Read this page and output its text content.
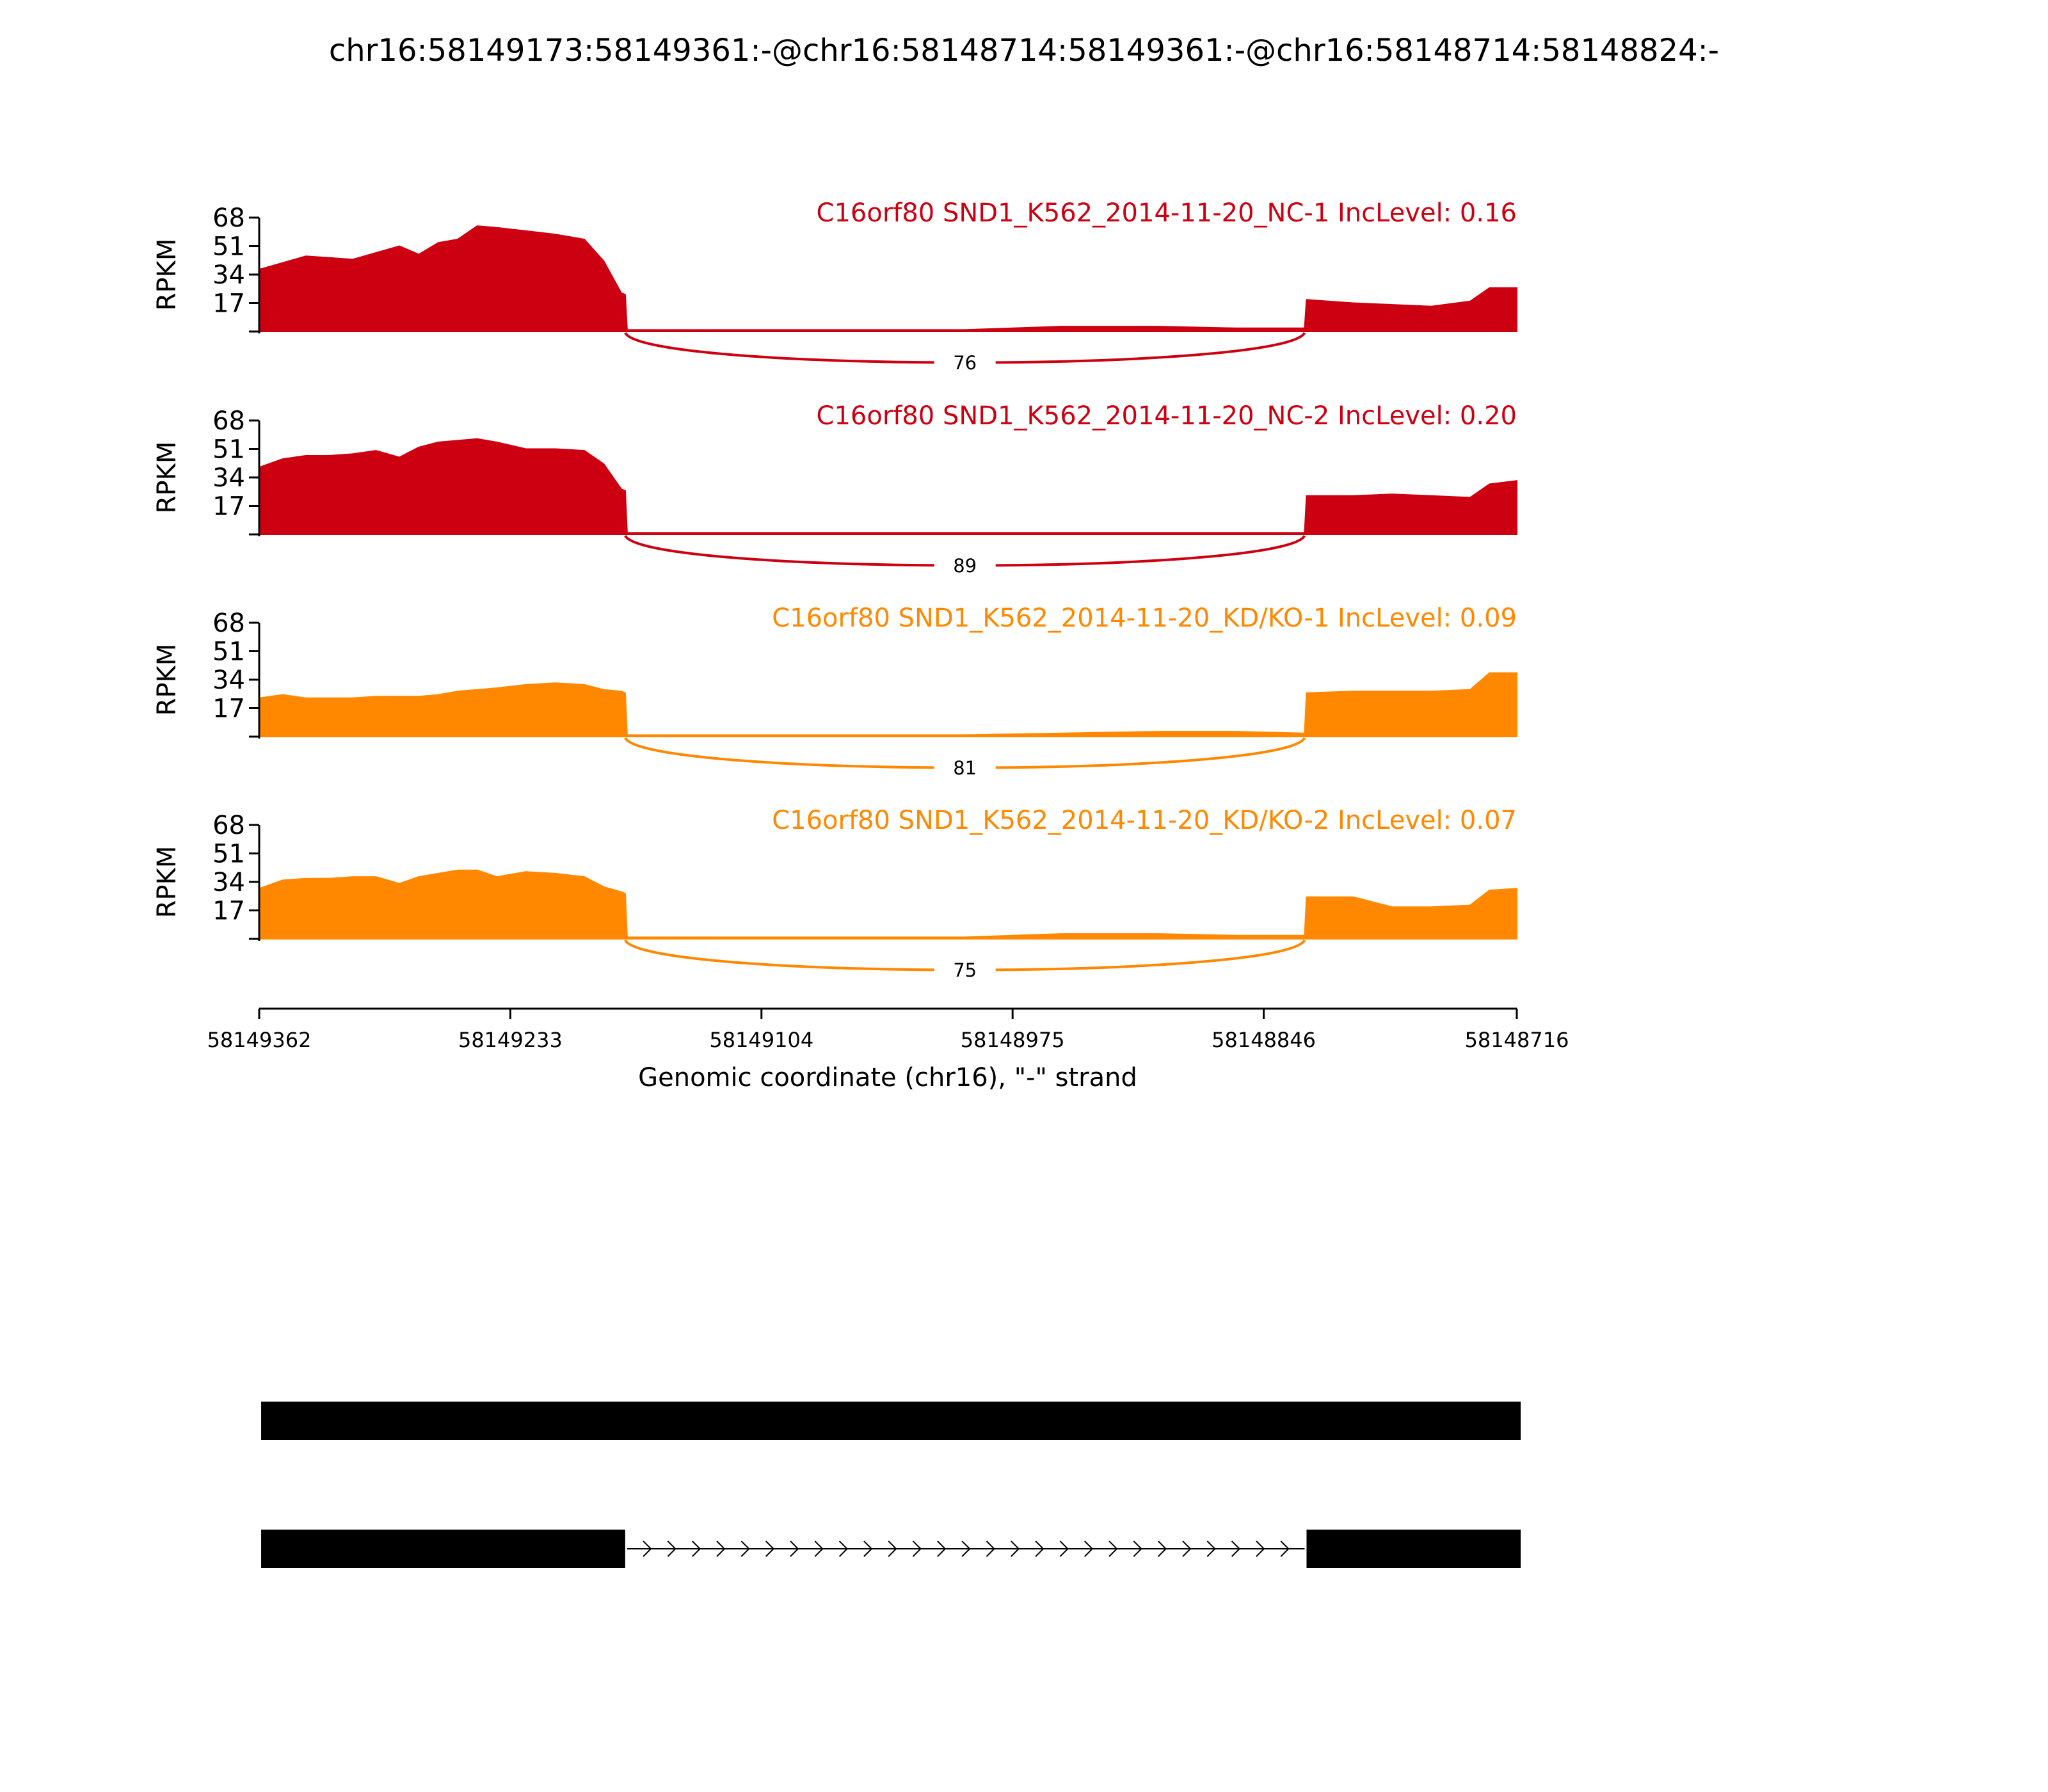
chr16:58149173:58149361:-@chr16:58148714:58149361:-@chr16:58148714:58148824:-
17
34
51
68
RPKM
C16orf80 SND1_K562_2014-11-20_NC-1 IncLevel: 0.16
76
17
34
51
68
RPKM
C16orf80 SND1_K562_2014-11-20_NC-2 IncLevel: 0.20
89
17
34
51
68
RPKM
C16orf80 SND1_K562_2014-11-20_KD/KO-1 IncLevel: 0.09
81
17
34
51
68
RPKM
C16orf80 SND1_K562_2014-11-20_KD/KO-2 IncLevel: 0.07
75
58149362	58149233	58149104	58148975	58148846	58148716
Genomic coordinate (chr16), "-" strand
